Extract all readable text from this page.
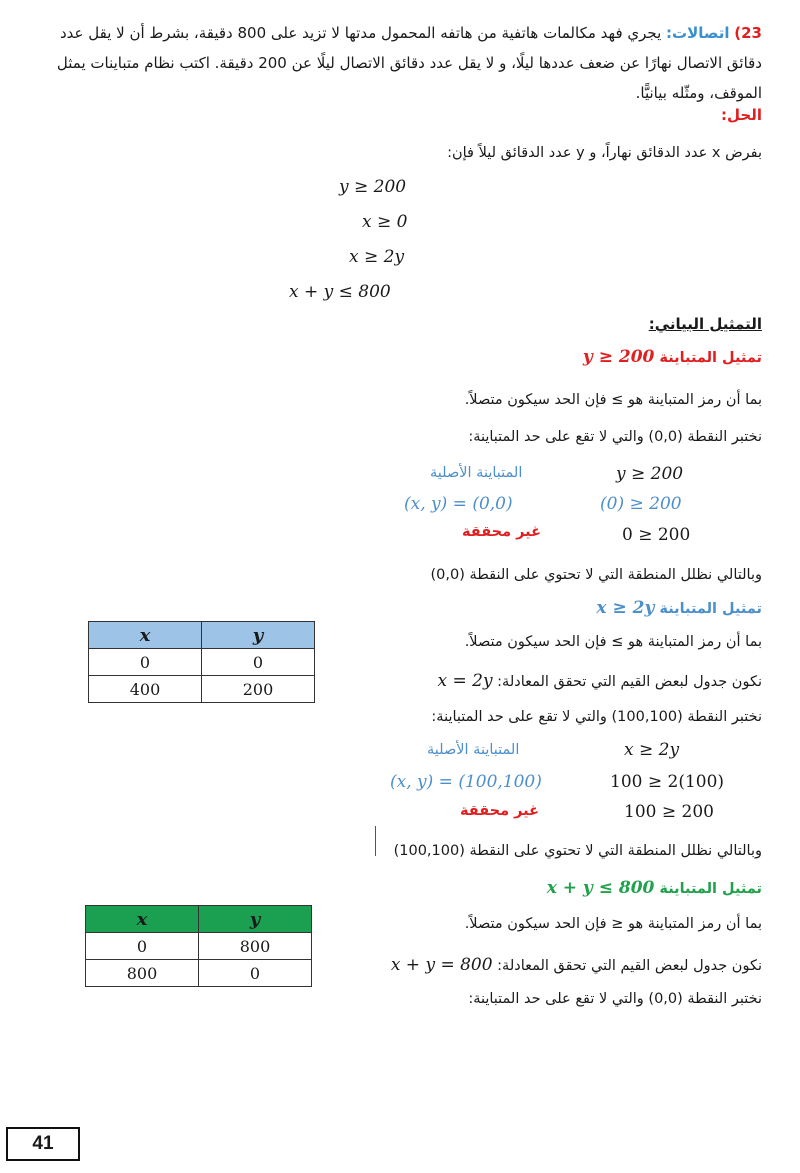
23) اتصالات: يجري فهد مكالمات هاتفية من هاتفه المحمول مدتها لا تزيد على 800 دقيقة، بشرط أن لا يقل عدد دقائق الاتصال نهارًا عن ضعف عددها ليلًا، و لا يقل عدد دقائق الاتصال ليلًا عن 200 دقيقة. اكتب نظام متباينات يمثل الموقف، ومثّله بيانيًّا.
الحل:
بفرض x عدد الدقائق نهاراً، و y عدد الدقائق ليلاً فإن:
y ≥ 200
x ≥ 0
x ≥ 2y
x + y ≤ 800
التمثيل البياني:
تمثيل المتباينة y ≥ 200
بما أن رمز المتباينة هو ≥ فإن الحد سيكون متصلاً.
نختبر النقطة (0,0) والتي لا تقع على حد المتباينة:
y ≥ 200
المتباينة الأصلية
(0) ≥ 200
(x, y) = (0,0)
0 ≥ 200
غير محققة
وبالتالي نظلل المنطقة التي لا تحتوي على النقطة (0,0)
تمثيل المتباينة x ≥ 2y
x	y
0	0
400	200
بما أن رمز المتباينة هو ≥ فإن الحد سيكون متصلاً.
نكون جدول لبعض القيم التي تحقق المعادلة: x = 2y
نختبر النقطة (100,100) والتي لا تقع على حد المتباينة:
x ≥ 2y
المتباينة الأصلية
100 ≥ 2(100)
(x, y) = (100,100)
100 ≥ 200
غير محققة
وبالتالي نظلل المنطقة التي لا تحتوي على النقطة (100,100)
تمثيل المتباينة x + y ≤ 800
x	y
0	800
800	0
بما أن رمز المتباينة هو ≤ فإن الحد سيكون متصلاً.
نكون جدول لبعض القيم التي تحقق المعادلة: x + y = 800
نختبر النقطة (0,0) والتي لا تقع على حد المتباينة:
41
